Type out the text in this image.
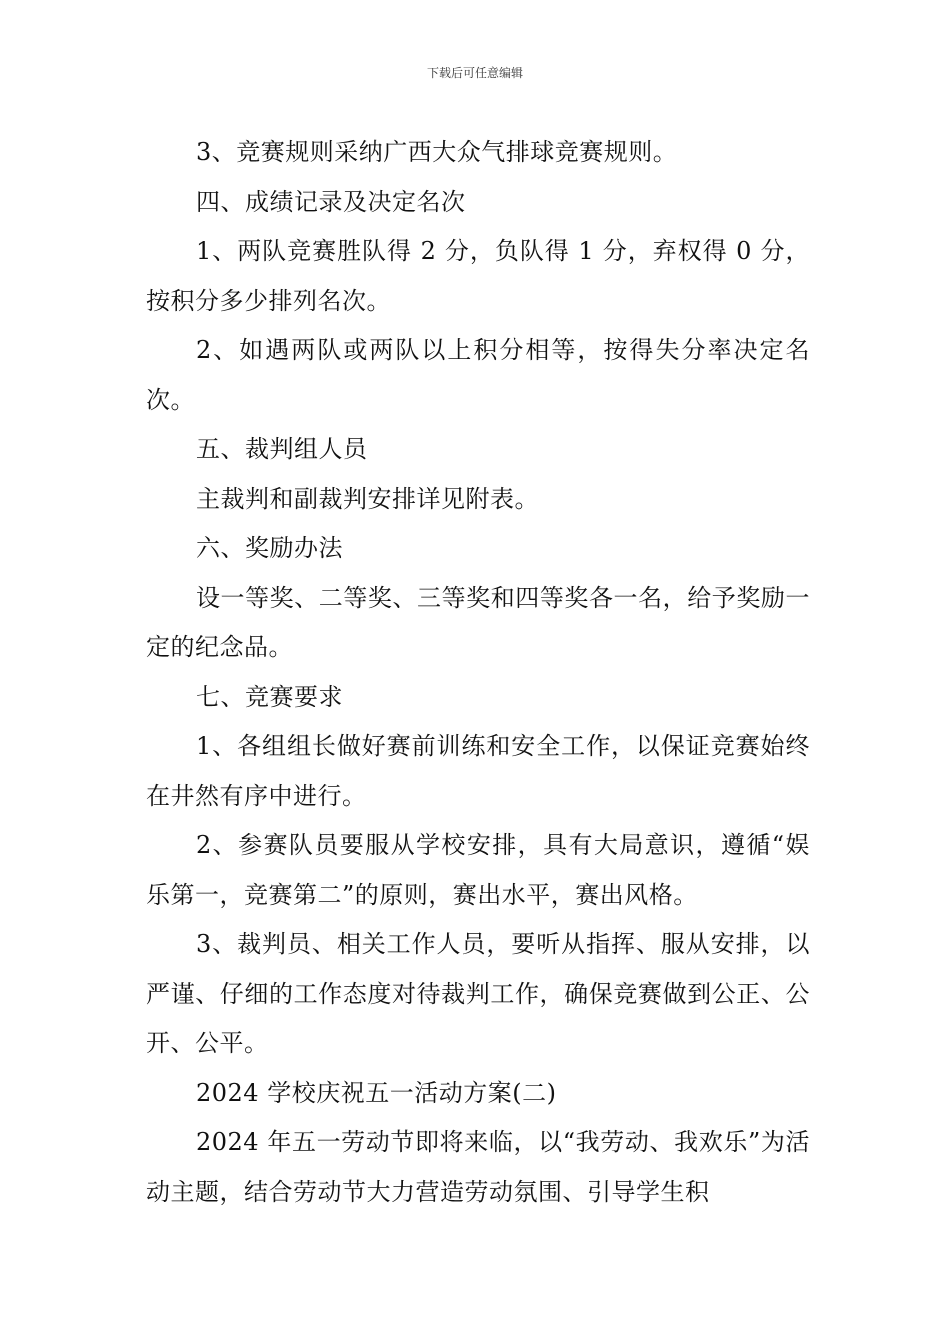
下载后可任意编辑

3、竞赛规则采纳广西大众气排球竞赛规则。

四、成绩记录及决定名次

1、两队竞赛胜队得 2 分，负队得 1 分，弃权得 0 分，按积分多少排列名次。

2、如遇两队或两队以上积分相等，按得失分率决定名次。

五、裁判组人员

主裁判和副裁判安排详见附表。

六、奖励办法

设一等奖、二等奖、三等奖和四等奖各一名，给予奖励一定的纪念品。

七、竞赛要求

1、各组组长做好赛前训练和安全工作，以保证竞赛始终在井然有序中进行。

2、参赛队员要服从学校安排，具有大局意识，遵循“娱乐第一，竞赛第二”的原则，赛出水平，赛出风格。

3、裁判员、相关工作人员，要听从指挥、服从安排，以严谨、仔细的工作态度对待裁判工作，确保竞赛做到公正、公开、公平。

2024 学校庆祝五一活动方案(二)

2024 年五一劳动节即将来临，以“我劳动、我欢乐”为活动主题，结合劳动节大力营造劳动氛围、引导学生积
